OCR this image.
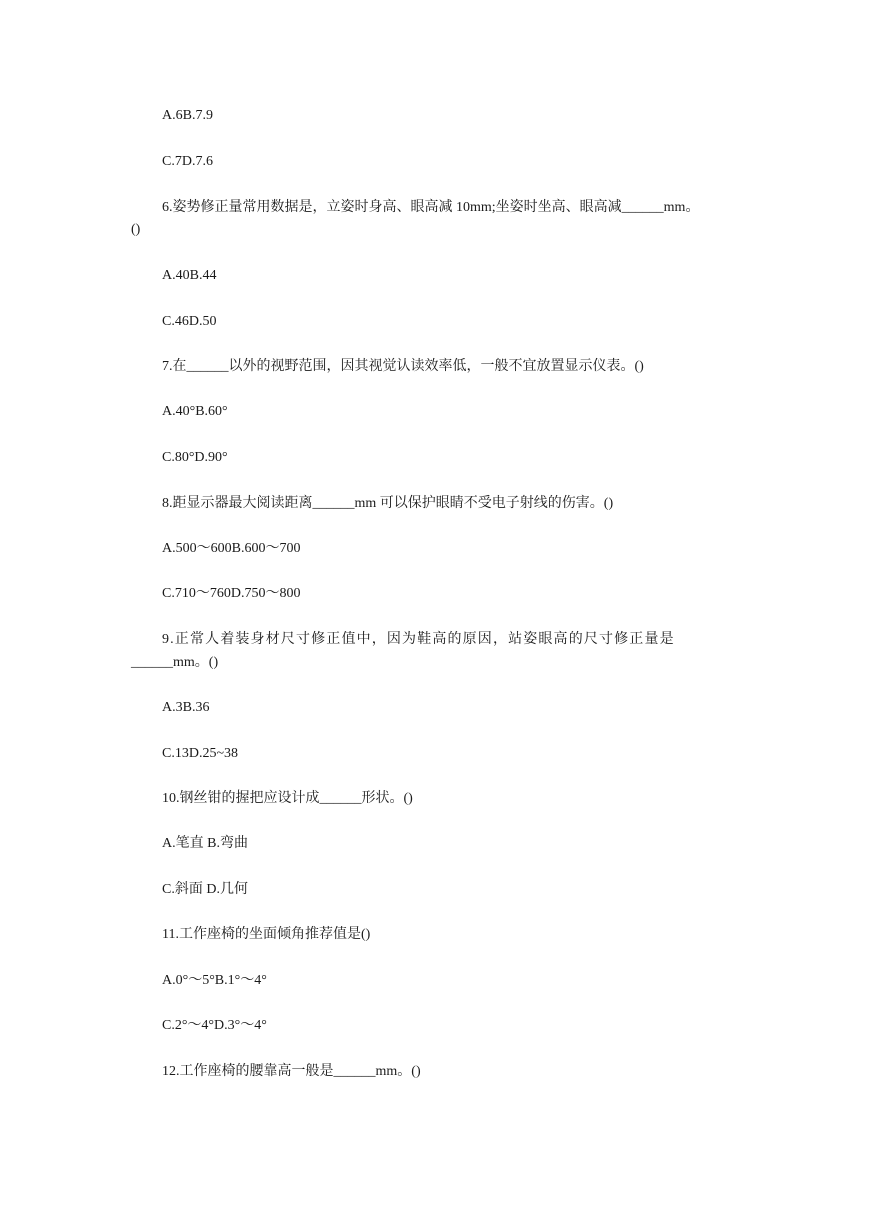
A.6B.7.9
C.7D.7.6
6.姿势修正量常用数据是，立姿时身高、眼高减 10mm;坐姿时坐高、眼高减______mm。
()
A.40B.44
C.46D.50
7.在______以外的视野范围，因其视觉认读效率低，一般不宜放置显示仪表。()
A.40°B.60°
C.80°D.90°
8.距显示器最大阅读距离______mm 可以保护眼睛不受电子射线的伤害。()
A.500～600B.600～700
C.710～760D.750～800
9.正常人着装身材尺寸修正值中，因为鞋高的原因，站姿眼高的尺寸修正量是
______mm。()
A.3B.36
C.13D.25~38
10.钢丝钳的握把应设计成______形状。()
A.笔直 B.弯曲
C.斜面 D.几何
11.工作座椅的坐面倾角推荐值是()
A.0°～5°B.1°～4°
C.2°～4°D.3°～4°
12.工作座椅的腰靠高一般是______mm。()
